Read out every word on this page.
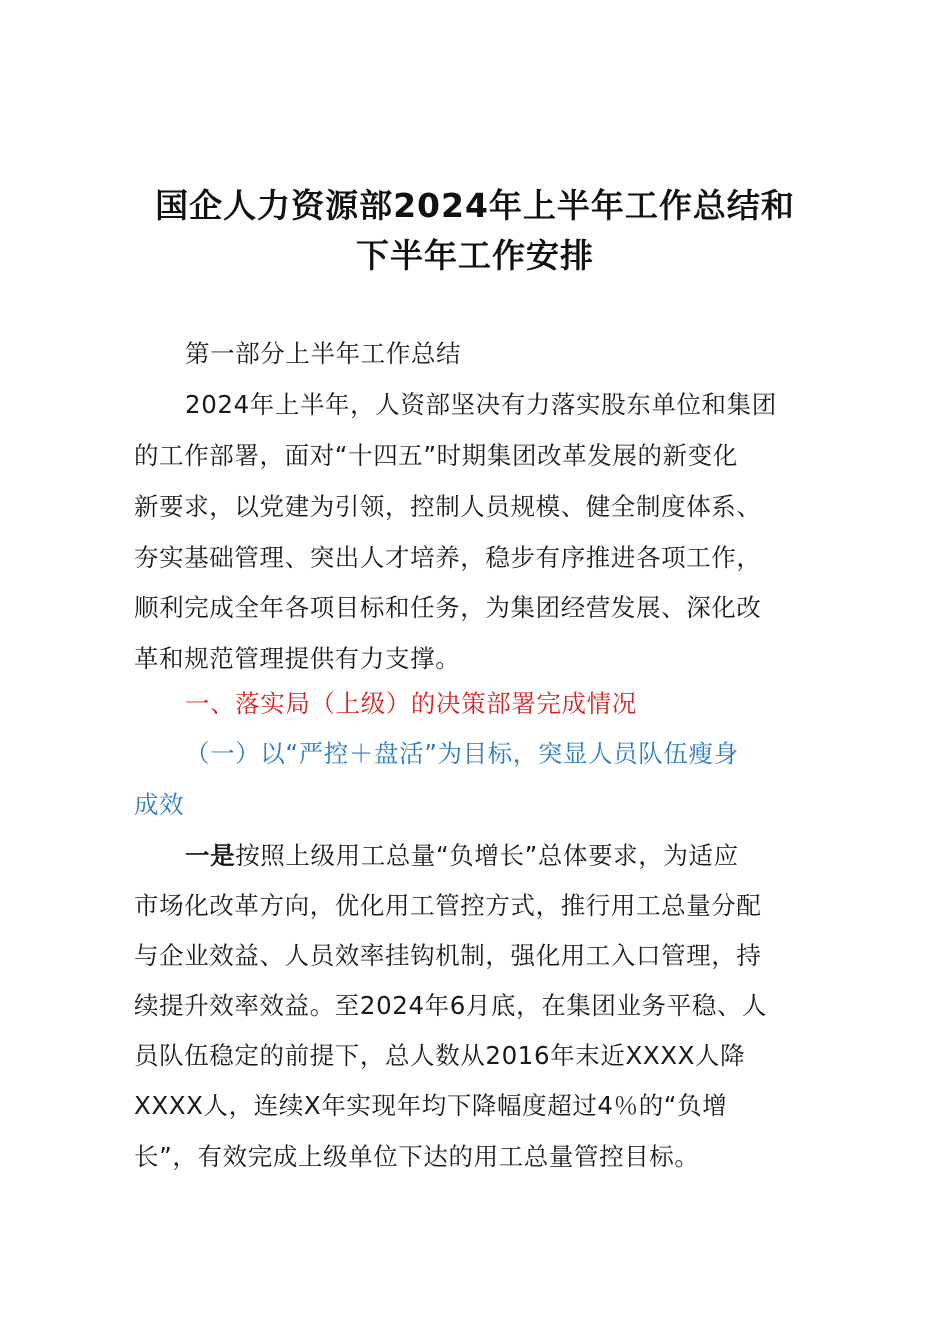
国企人力资源部2024年上半年工作总结和
下半年工作安排
第一部分上半年工作总结
2024年上半年，人资部坚决有力落实股东单位和集团
的工作部署，面对“十四五”时期集团改革发展的新变化
新要求，以党建为引领，控制人员规模、健全制度体系、
夯实基础管理、突出人才培养，稳步有序推进各项工作，
顺利完成全年各项目标和任务，为集团经营发展、深化改
革和规范管理提供有力支撑。
一、落实局（上级）的决策部署完成情况
（一）以“严控＋盘活”为目标，突显人员队伍瘦身
成效
一是按照上级用工总量“负增长”总体要求，为适应
市场化改革方向，优化用工管控方式，推行用工总量分配
与企业效益、人员效率挂钩机制，强化用工入口管理，持
续提升效率效益。至2024年6月底，在集团业务平稳、人
员队伍稳定的前提下，总人数从2016年末近XXXX人降
XXXX人，连续X年实现年均下降幅度超过4％的“负增
长”，有效完成上级单位下达的用工总量管控目标。
